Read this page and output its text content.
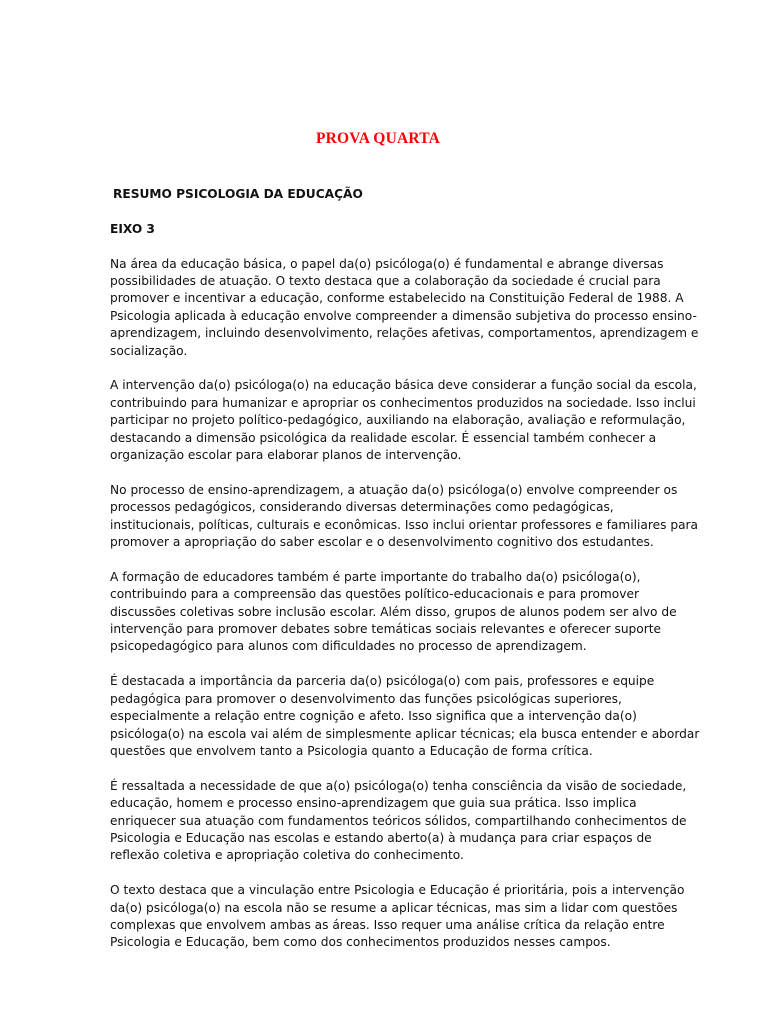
PROVA QUARTA

RESUMO PSICOLOGIA DA EDUCAÇÃO

EIXO 3

Na área da educação básica, o papel da(o) psicóloga(o) é fundamental e abrange diversas possibilidades de atuação. O texto destaca que a colaboração da sociedade é crucial para promover e incentivar a educação, conforme estabelecido na Constituição Federal de 1988. A Psicologia aplicada à educação envolve compreender a dimensão subjetiva do processo ensino-aprendizagem, incluindo desenvolvimento, relações afetivas, comportamentos, aprendizagem e socialização.

A intervenção da(o) psicóloga(o) na educação básica deve considerar a função social da escola, contribuindo para humanizar e apropriar os conhecimentos produzidos na sociedade. Isso inclui participar no projeto político-pedagógico, auxiliando na elaboração, avaliação e reformulação, destacando a dimensão psicológica da realidade escolar. É essencial também conhecer a organização escolar para elaborar planos de intervenção.

No processo de ensino-aprendizagem, a atuação da(o) psicóloga(o) envolve compreender os processos pedagógicos, considerando diversas determinações como pedagógicas, institucionais, políticas, culturais e econômicas. Isso inclui orientar professores e familiares para promover a apropriação do saber escolar e o desenvolvimento cognitivo dos estudantes.

A formação de educadores também é parte importante do trabalho da(o) psicóloga(o), contribuindo para a compreensão das questões político-educacionais e para promover discussões coletivas sobre inclusão escolar. Além disso, grupos de alunos podem ser alvo de intervenção para promover debates sobre temáticas sociais relevantes e oferecer suporte psicopedagógico para alunos com dificuldades no processo de aprendizagem.

É destacada a importância da parceria da(o) psicóloga(o) com pais, professores e equipe pedagógica para promover o desenvolvimento das funções psicológicas superiores, especialmente a relação entre cognição e afeto. Isso significa que a intervenção da(o) psicóloga(o) na escola vai além de simplesmente aplicar técnicas; ela busca entender e abordar questões que envolvem tanto a Psicologia quanto a Educação de forma crítica.

É ressaltada a necessidade de que a(o) psicóloga(o) tenha consciência da visão de sociedade, educação, homem e processo ensino-aprendizagem que guia sua prática. Isso implica enriquecer sua atuação com fundamentos teóricos sólidos, compartilhando conhecimentos de Psicologia e Educação nas escolas e estando aberto(a) à mudança para criar espaços de reflexão coletiva e apropriação coletiva do conhecimento.

O texto destaca que a vinculação entre Psicologia e Educação é prioritária, pois a intervenção da(o) psicóloga(o) na escola não se resume a aplicar técnicas, mas sim a lidar com questões complexas que envolvem ambas as áreas. Isso requer uma análise crítica da relação entre Psicologia e Educação, bem como dos conhecimentos produzidos nesses campos.
